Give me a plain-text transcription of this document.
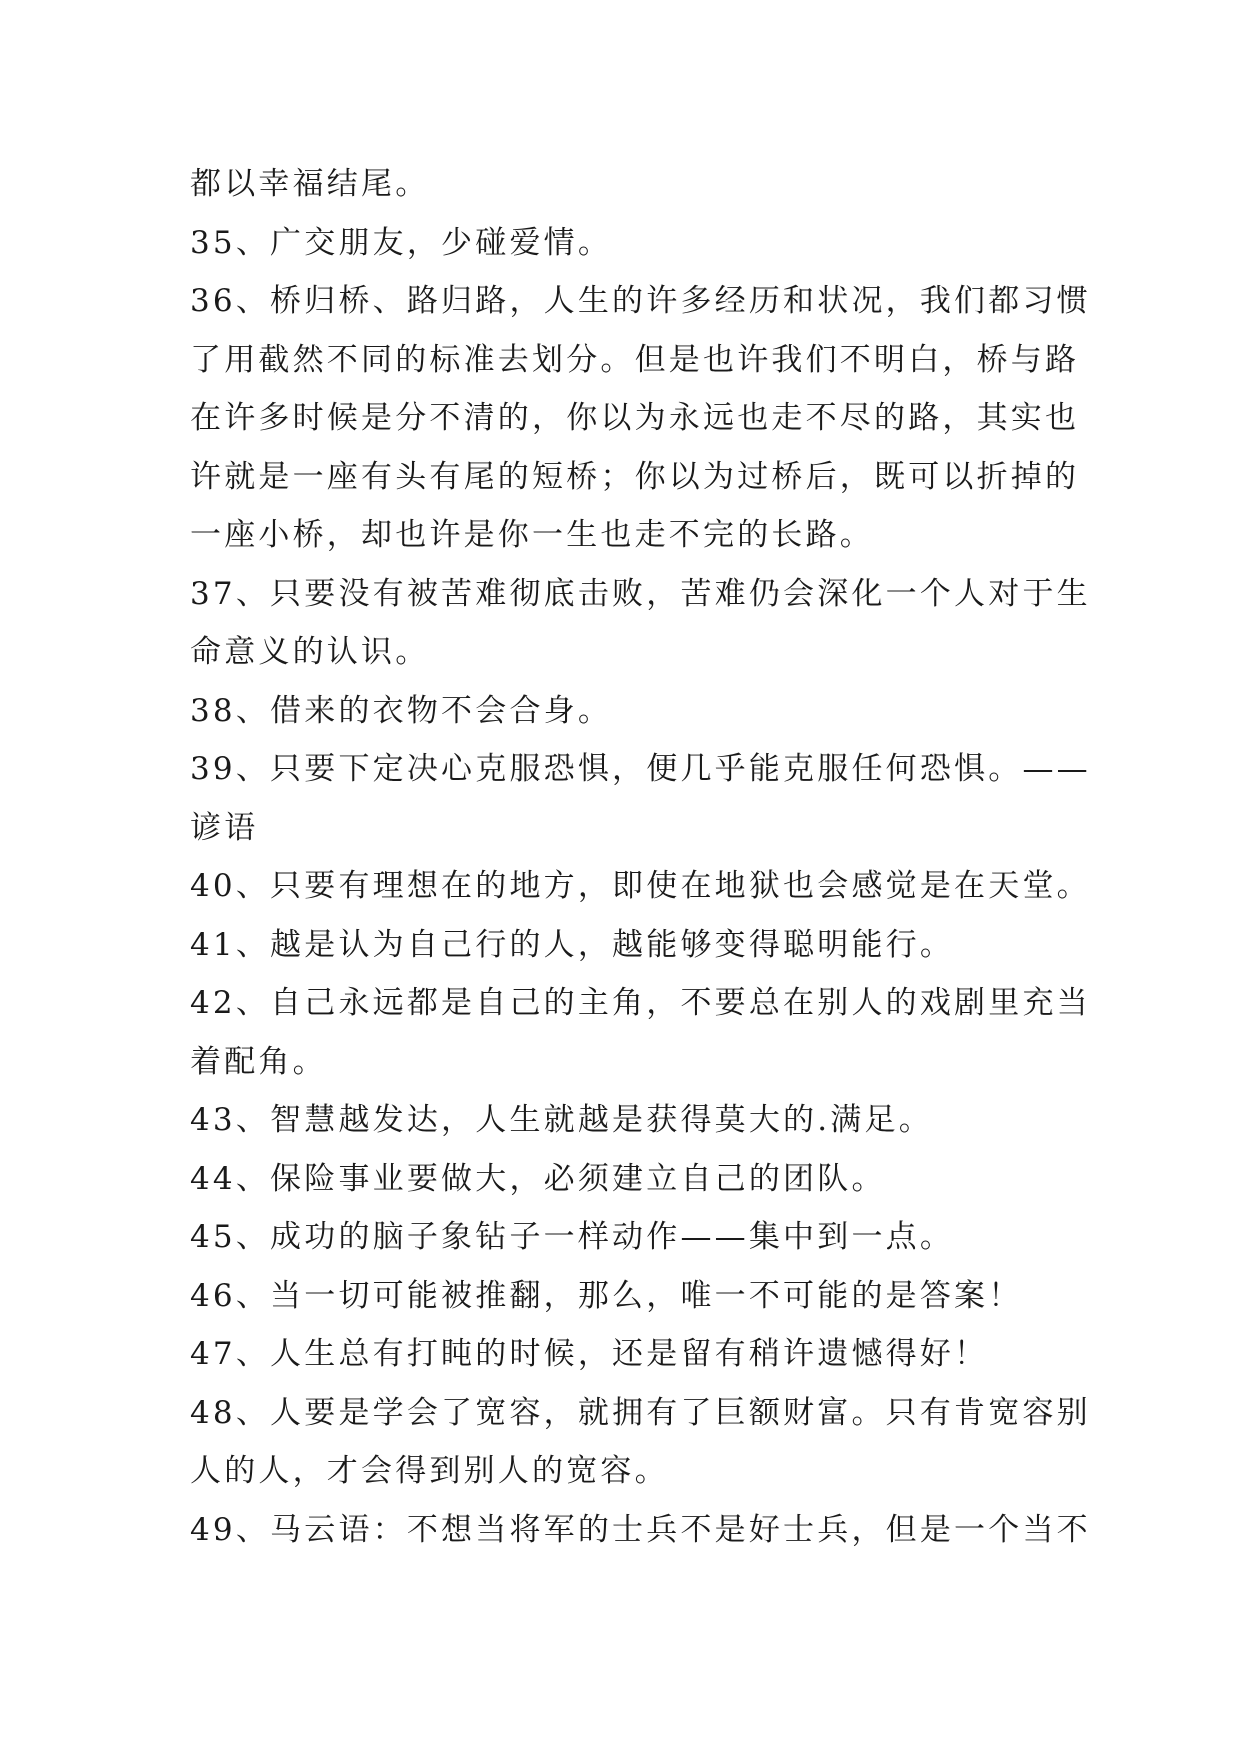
都以幸福结尾。
35、广交朋友，少碰爱情。
36、桥归桥、路归路，人生的许多经历和状况，我们都习惯
了用截然不同的标准去划分。但是也许我们不明白，桥与路
在许多时候是分不清的，你以为永远也走不尽的路，其实也
许就是一座有头有尾的短桥；你以为过桥后，既可以折掉的
一座小桥，却也许是你一生也走不完的长路。
37、只要没有被苦难彻底击败，苦难仍会深化一个人对于生
命意义的认识。
38、借来的衣物不会合身。
39、只要下定决心克服恐惧，便几乎能克服任何恐惧。——
谚语
40、只要有理想在的地方，即使在地狱也会感觉是在天堂。
41、越是认为自己行的人，越能够变得聪明能行。
42、自己永远都是自己的主角，不要总在别人的戏剧里充当
着配角。
43、智慧越发达，人生就越是获得莫大的.满足。
44、保险事业要做大，必须建立自己的团队。
45、成功的脑子象钻子一样动作——集中到一点。
46、当一切可能被推翻，那么，唯一不可能的是答案！
47、人生总有打盹的时候，还是留有稍许遗憾得好！
48、人要是学会了宽容，就拥有了巨额财富。只有肯宽容别
人的人，才会得到别人的宽容。
49、马云语：不想当将军的士兵不是好士兵，但是一个当不
